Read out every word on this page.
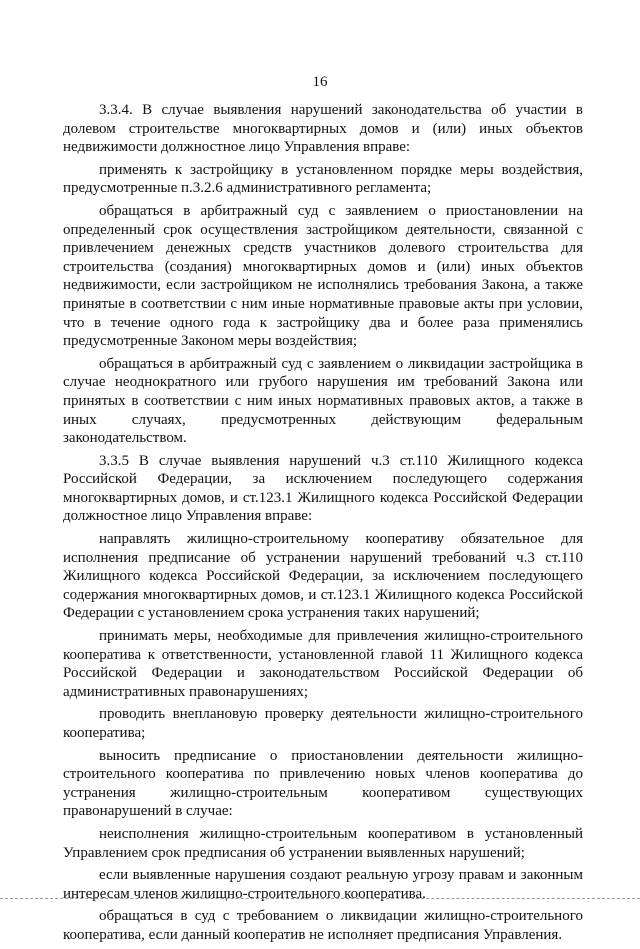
16

3.3.4. В случае выявления нарушений законодательства об участии в долевом строительстве многоквартирных домов и (или) иных объектов недвижимости должностное лицо Управления вправе:

применять к застройщику в установленном порядке меры воздействия, предусмотренные п.3.2.6 административного регламента;

обращаться в арбитражный суд с заявлением о приостановлении на определенный срок осуществления застройщиком деятельности, связанной с привлечением денежных средств участников долевого строительства для строительства (создания) многоквартирных домов и (или) иных объектов недвижимости, если застройщиком не исполнялись требования Закона, а также принятые в соответствии с ним иные нормативные правовые акты при условии, что в течение одного года к застройщику два и более раза применялись предусмотренные Законом меры воздействия;

обращаться в арбитражный суд с заявлением о ликвидации застройщика в случае неоднократного или грубого нарушения им требований Закона или принятых в соответствии с ним иных нормативных правовых актов, а также в иных случаях, предусмотренных действующим федеральным законодательством.

3.3.5 В случае выявления нарушений ч.3 ст.110 Жилищного кодекса Российской Федерации, за исключением последующего содержания многоквартирных домов, и ст.123.1 Жилищного кодекса Российской Федерации должностное лицо Управления вправе:

направлять жилищно-строительному кооперативу обязательное для исполнения предписание об устранении нарушений требований ч.3 ст.110 Жилищного кодекса Российской Федерации, за исключением последующего содержания многоквартирных домов, и ст.123.1 Жилищного кодекса Российской Федерации с установлением срока устранения таких нарушений;

принимать меры, необходимые для привлечения жилищно-строительного кооператива к ответственности, установленной главой 11 Жилищного кодекса Российской Федерации и законодательством Российской Федерации об административных правонарушениях;

проводить внеплановую проверку деятельности жилищно-строительного кооператива;

выносить предписание о приостановлении деятельности жилищно-строительного кооператива по привлечению новых членов кооператива до устранения жилищно-строительным кооперативом существующих правонарушений в случае:

неисполнения жилищно-строительным кооперативом в установленный Управлением срок предписания об устранении выявленных нарушений;

если выявленные нарушения создают реальную угрозу правам и законным интересам членов жилищно-строительного кооператива.

обращаться в суд с требованием о ликвидации жилищно-строительного кооператива, если данный кооператив не исполняет предписания Управления.
